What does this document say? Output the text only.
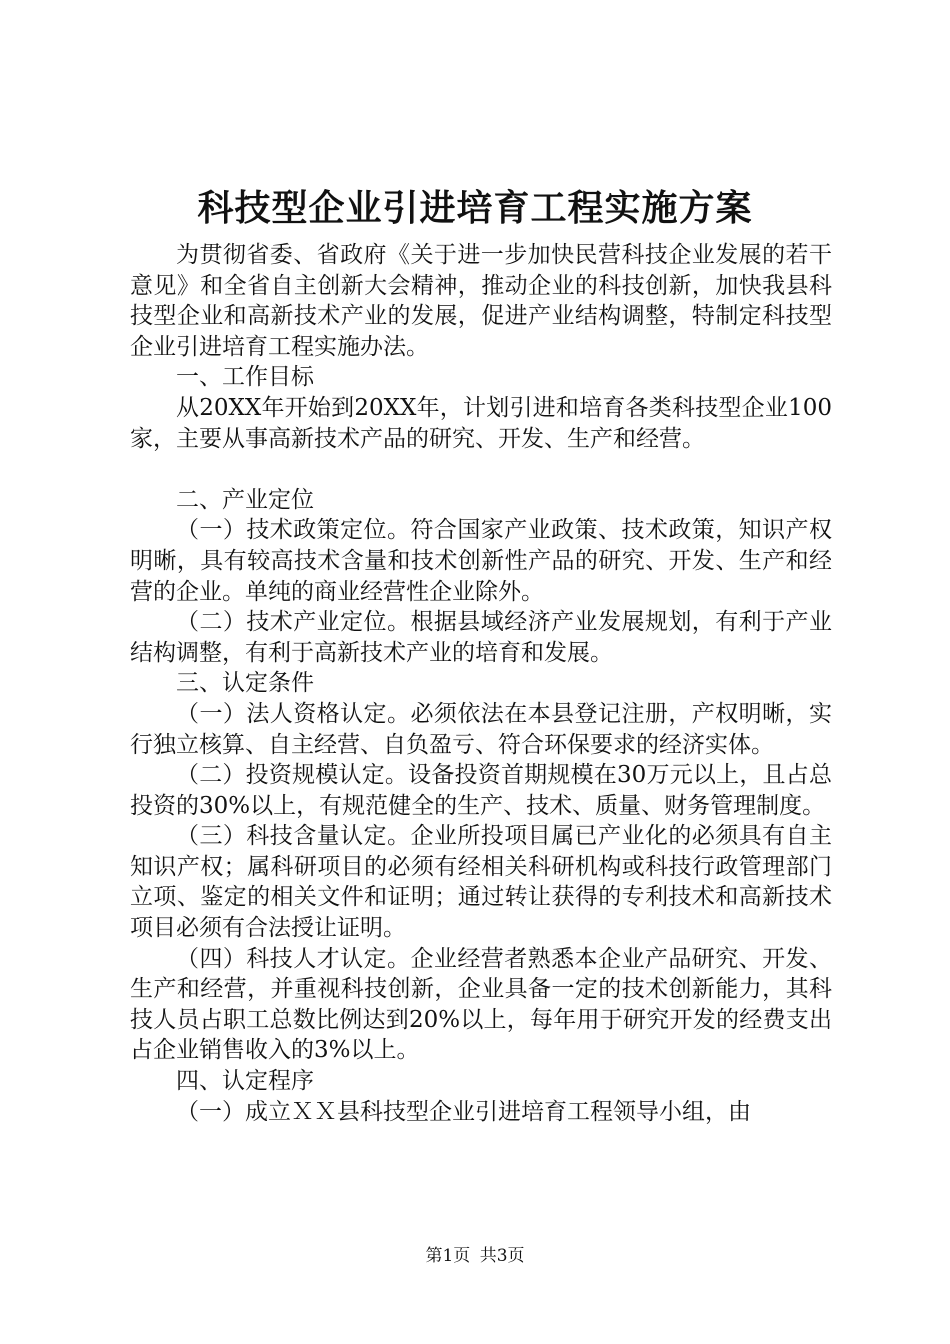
科技型企业引进培育工程实施方案

为贯彻省委、省政府《关于进一步加快民营科技企业发展的若干意见》和全省自主创新大会精神，推动企业的科技创新，加快我县科技型企业和高新技术产业的发展，促进产业结构调整，特制定科技型企业引进培育工程实施办法。

一、工作目标

从20XX年开始到20XX年，计划引进和培育各类科技型企业100家，主要从事高新技术产品的研究、开发、生产和经营。

二、产业定位

（一）技术政策定位。符合国家产业政策、技术政策，知识产权明晰，具有较高技术含量和技术创新性产品的研究、开发、生产和经营的企业。单纯的商业经营性企业除外。

（二）技术产业定位。根据县域经济产业发展规划，有利于产业结构调整，有利于高新技术产业的培育和发展。

三、认定条件

（一）法人资格认定。必须依法在本县登记注册，产权明晰，实行独立核算、自主经营、自负盈亏、符合环保要求的经济实体。

（二）投资规模认定。设备投资首期规模在30万元以上，且占总投资的30%以上，有规范健全的生产、技术、质量、财务管理制度。

（三）科技含量认定。企业所投项目属已产业化的必须具有自主知识产权；属科研项目的必须有经相关科研机构或科技行政管理部门立项、鉴定的相关文件和证明；通过转让获得的专利技术和高新技术项目必须有合法授让证明。

（四）科技人才认定。企业经营者熟悉本企业产品研究、开发、生产和经营，并重视科技创新，企业具备一定的技术创新能力，其科技人员占职工总数比例达到20%以上，每年用于研究开发的经费支出占企业销售收入的3%以上。

四、认定程序

（一）成立ＸＸ县科技型企业引进培育工程领导小组，由

第1页 共3页
